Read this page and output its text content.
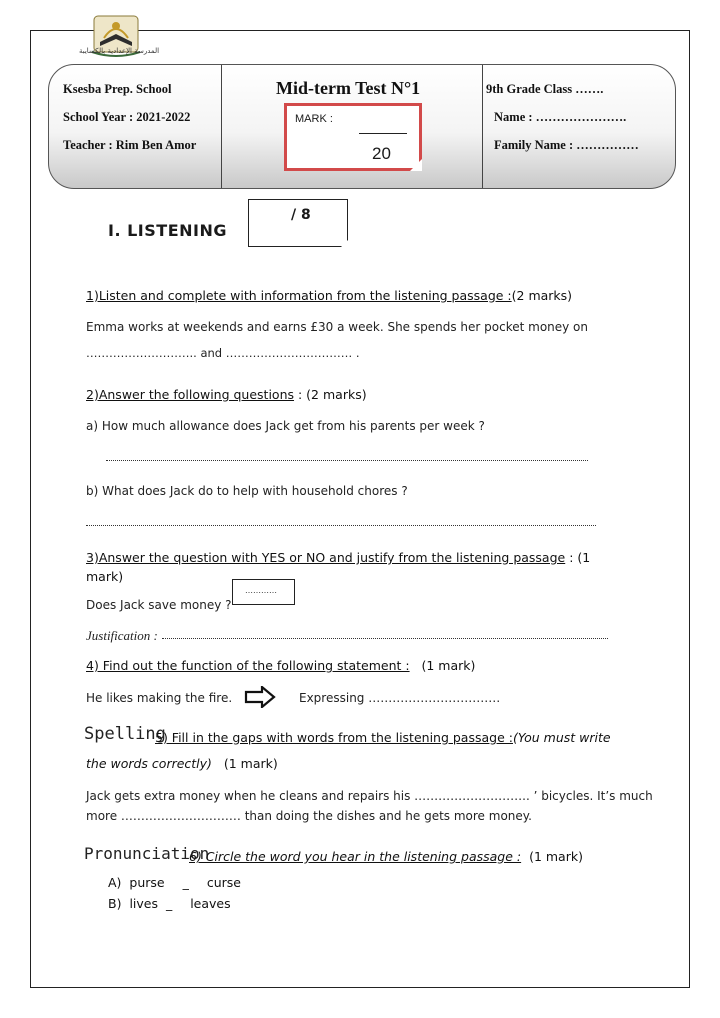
المدرسة الإعدادية بالكسايبة
Ksesba Prep. School
School Year : 2021-2022
Teacher : Rim Ben Amor
Mid-term Test N°1
MARK :
20
9th Grade Class …….
Name : ………………….
Family Name : ……………
I. LISTENING
/ 8
1)Listen and complete with information from the listening passage :(2 marks)
Emma works at weekends and earns £30 a week. She spends her pocket money on
……………………….. and …………………………… .
2)Answer the following questions : (2 marks)
a) How much allowance does Jack get from his parents per week ?
b) What does Jack do to help with household chores ?
3)Answer the question with YES or NO and justify from the listening passage : (1
mark)
Does Jack save money ?
…………
Justification :
4) Find out the function of the following statement : (1 mark)
He likes making the fire.	Expressing ……………………………
Spelling
5) Fill in the gaps with words from the listening passage :(You must write
the words correctly) (1 mark)
Jack gets extra money when he cleans and repairs his ……………………….. ’ bicycles. It’s much
more ………………………… than doing the dishes and he gets more money.
Pronunciation
6) Circle the word you hear in the listening passage : (1 mark)
A) purse _ curse
B) lives _ leaves
